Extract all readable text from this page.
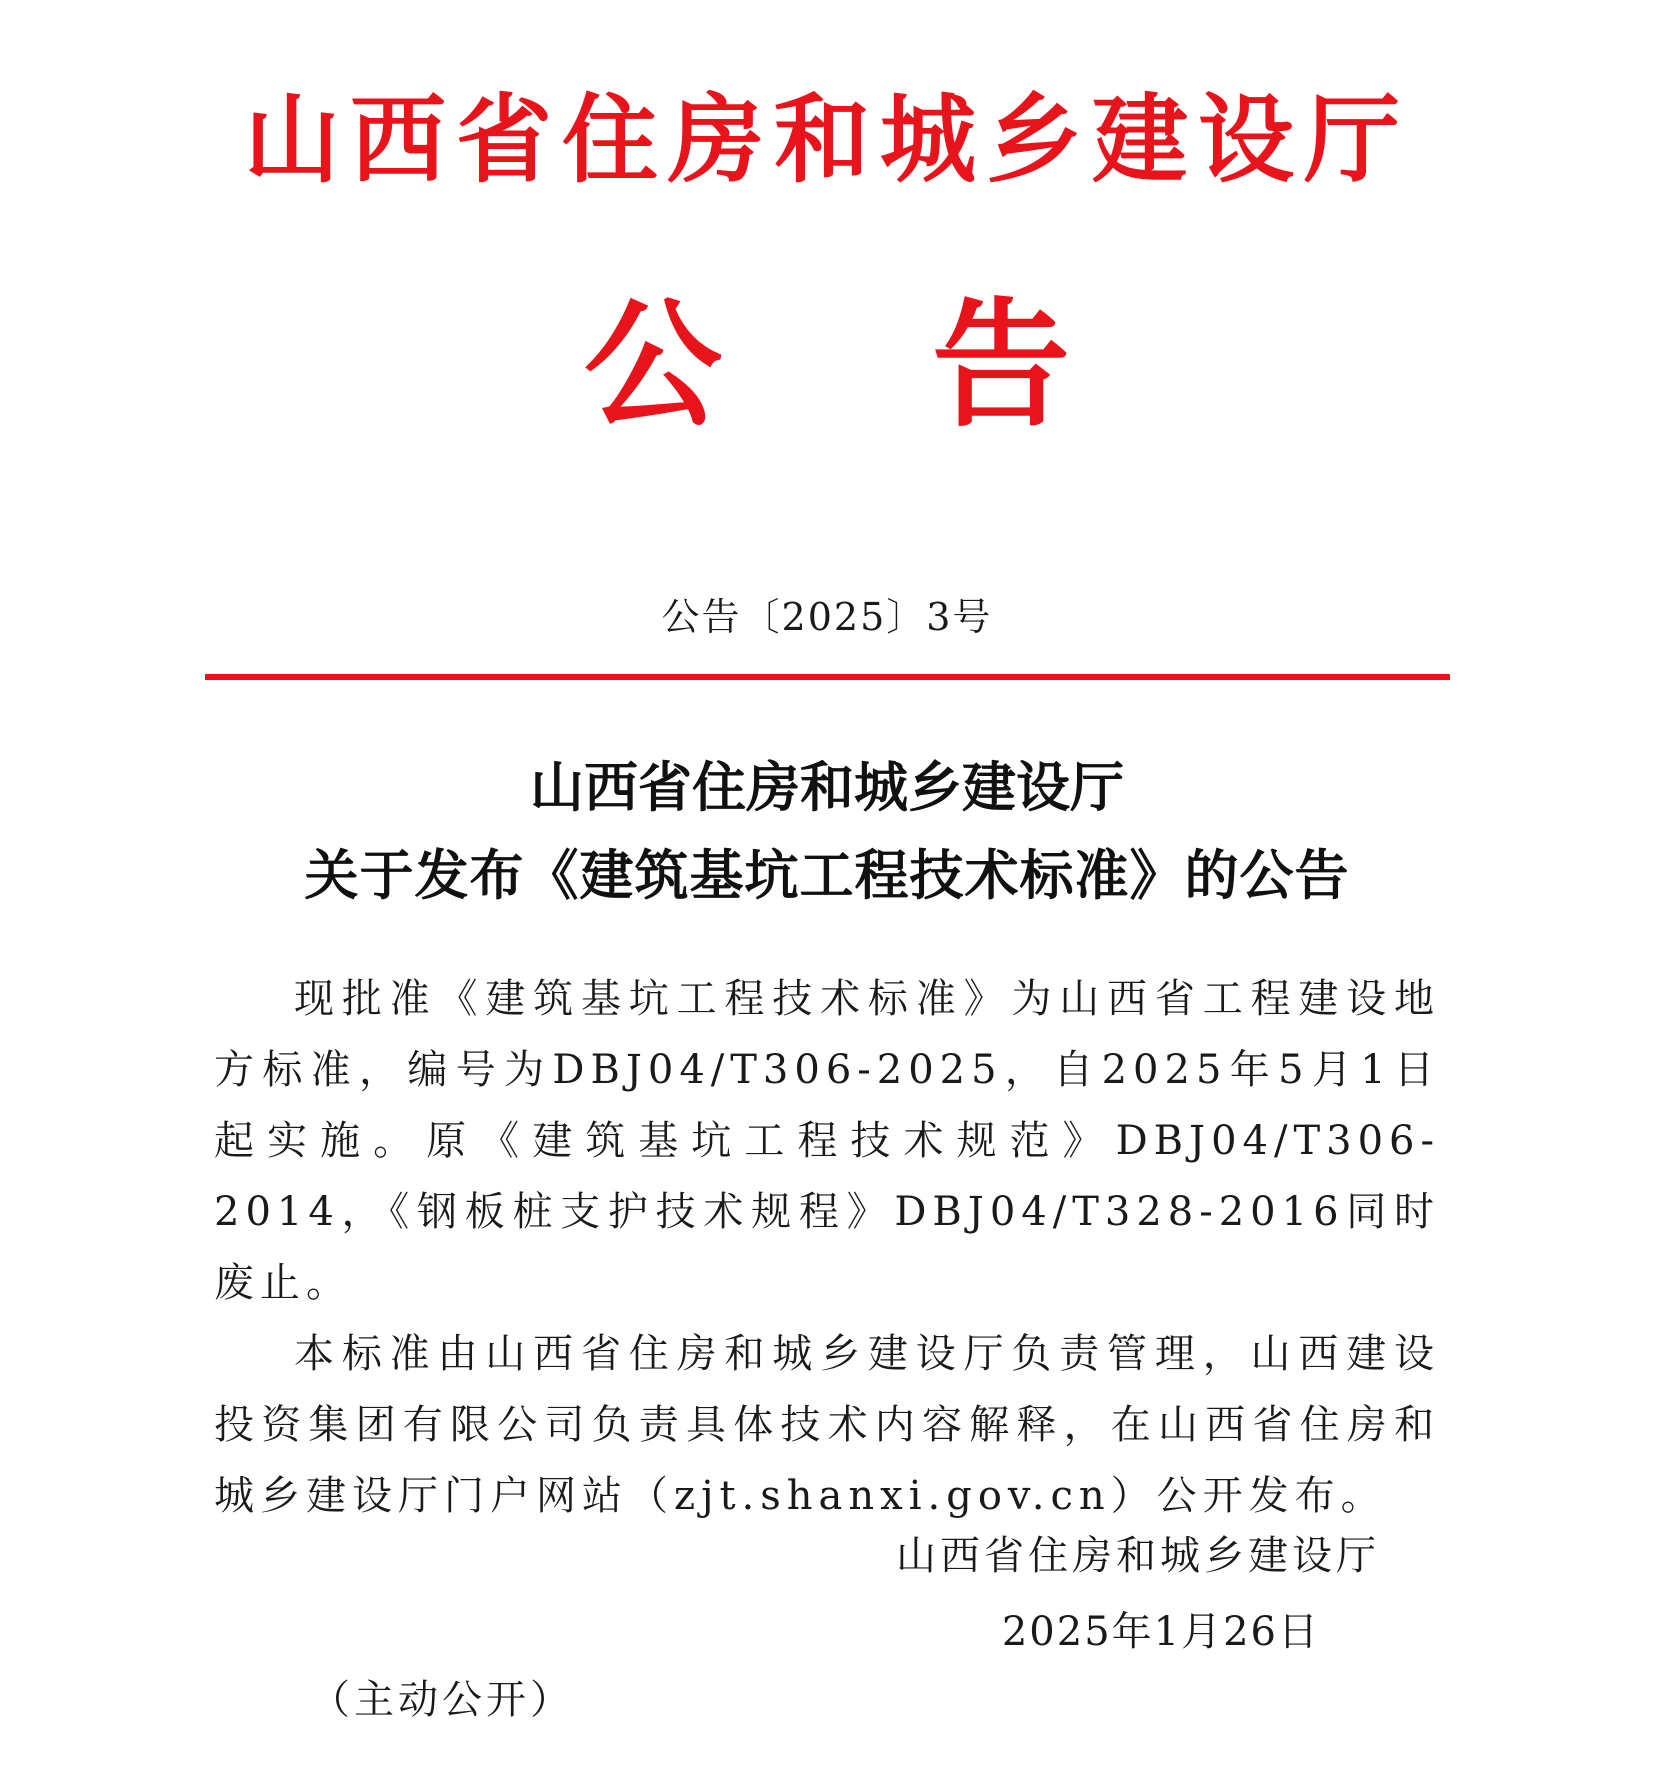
山西省住房和城乡建设厅
公 告
公告〔2025〕3号
山西省住房和城乡建设厅
关于发布《建筑基坑工程技术标准》的公告

现批准《建筑基坑工程技术标准》为山西省工程建设地方标准，编号为DBJ04/T306-2025，自2025年5月1日起实施。原《建筑基坑工程技术规范》DBJ04/T306-2014，《钢板桩支护技术规程》DBJ04/T328-2016同时废止。

本标准由山西省住房和城乡建设厅负责管理，山西建设投资集团有限公司负责具体技术内容解释，在山西省住房和城乡建设厅门户网站（zjt.shanxi.gov.cn）公开发布。

山西省住房和城乡建设厅
2025年1月26日
（主动公开）
